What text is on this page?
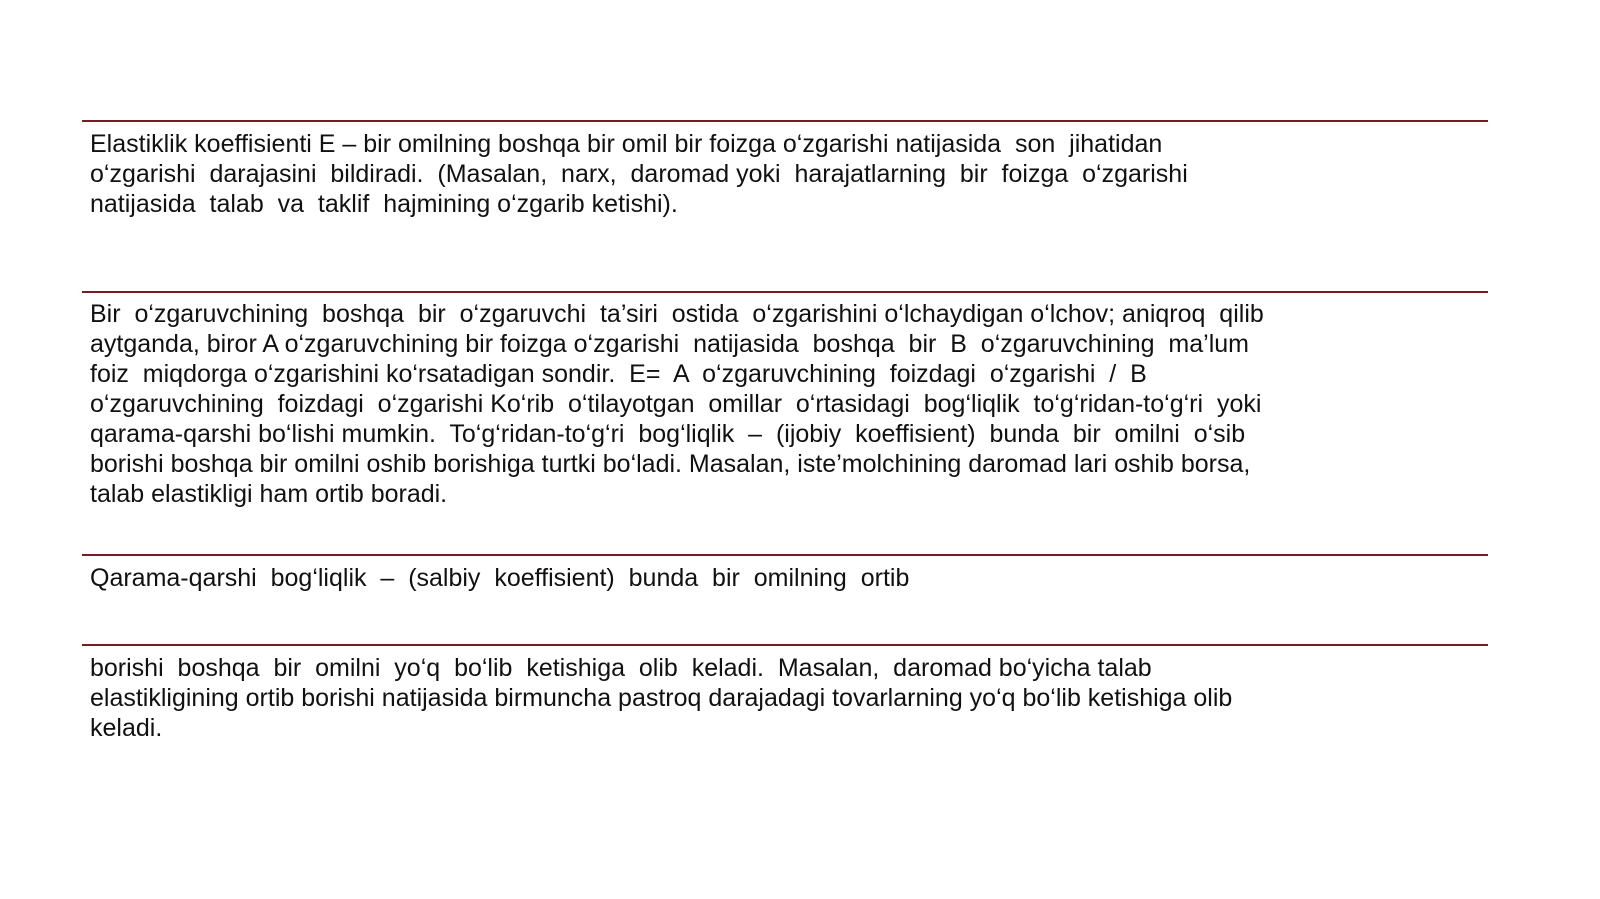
Elastiklik koeffisienti E – bir omilning boshqa bir omil bir foizga o‘zgarishi natijasida  son  jihatidan
o‘zgarishi  darajasini  bildiradi.  (Masalan,  narx,  daromad yoki  harajatlarning  bir  foizga  o‘zgarishi
natijasida  talab  va  taklif  hajmining o‘zgarib ketishi).
Bir  o‘zgaruvchining  boshqa  bir  o‘zgaruvchi  ta’siri  ostida  o‘zgarishini o‘lchaydigan o‘lchov; aniqroq  qilib
aytganda, biror A o‘zgaruvchining bir foizga o‘zgarishi  natijasida  boshqa  bir  B  o‘zgaruvchining  ma’lum
foiz  miqdorga o‘zgarishini ko‘rsatadigan sondir.  E=  A  o‘zgaruvchining  foizdagi  o‘zgarishi  /  B
o‘zgaruvchining  foizdagi  o‘zgarishi Ko‘rib  o‘tilayotgan  omillar  o‘rtasidagi  bog‘liqlik  to‘g‘ridan-to‘g‘ri  yoki
qarama-qarshi bo‘lishi mumkin.  To‘g‘ridan-to‘g‘ri  bog‘liqlik  –  (ijobiy  koeffisient)  bunda  bir  omilni  o‘sib
borishi boshqa bir omilni oshib borishiga turtki bo‘ladi. Masalan, iste’molchining daromad lari oshib borsa,
talab elastikligi ham ortib boradi.
Qarama-qarshi  bog‘liqlik  –  (salbiy  koeffisient)  bunda  bir  omilning  ortib
borishi  boshqa  bir  omilni  yo‘q  bo‘lib  ketishiga  olib  keladi.  Masalan,  daromad bo‘yicha talab
elastikligining ortib borishi natijasida birmuncha pastroq darajadagi tovarlarning yo‘q bo‘lib ketishiga olib
keladi.
